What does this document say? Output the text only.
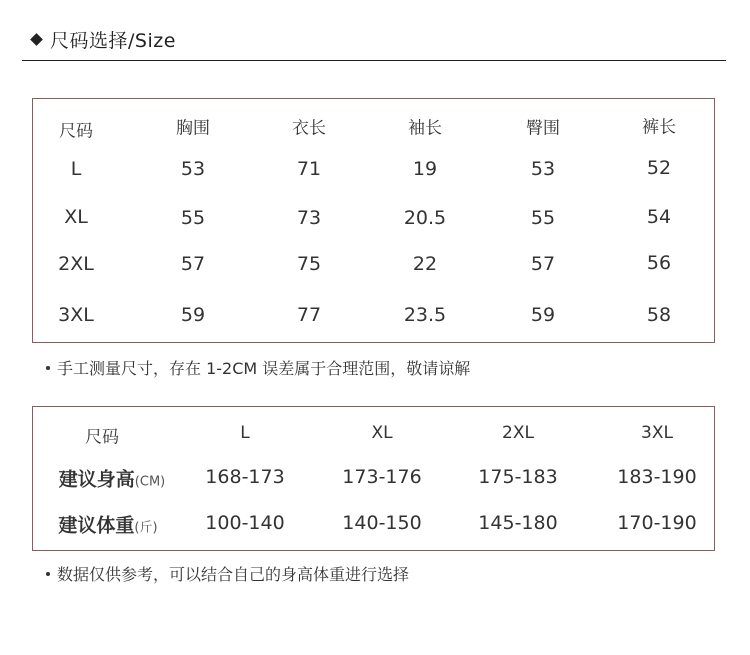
尺码选择/Size
尺码	胸围	衣长	袖长	臀围	裤长
L	53	71	19	53	52
XL	55	73	20.5	55	54
2XL	57	75	22	57	56
3XL	59	77	23.5	59	58
手工测量尺寸，存在 1-2CM 误差属于合理范围，敬请谅解
尺码	L	XL	2XL	3XL
建议身高(CM) 168-173	173-176	175-183	183-190
建议体重(斤)	100-140	140-150	145-180	170-190
数据仅供参考，可以结合自己的身高体重进行选择
